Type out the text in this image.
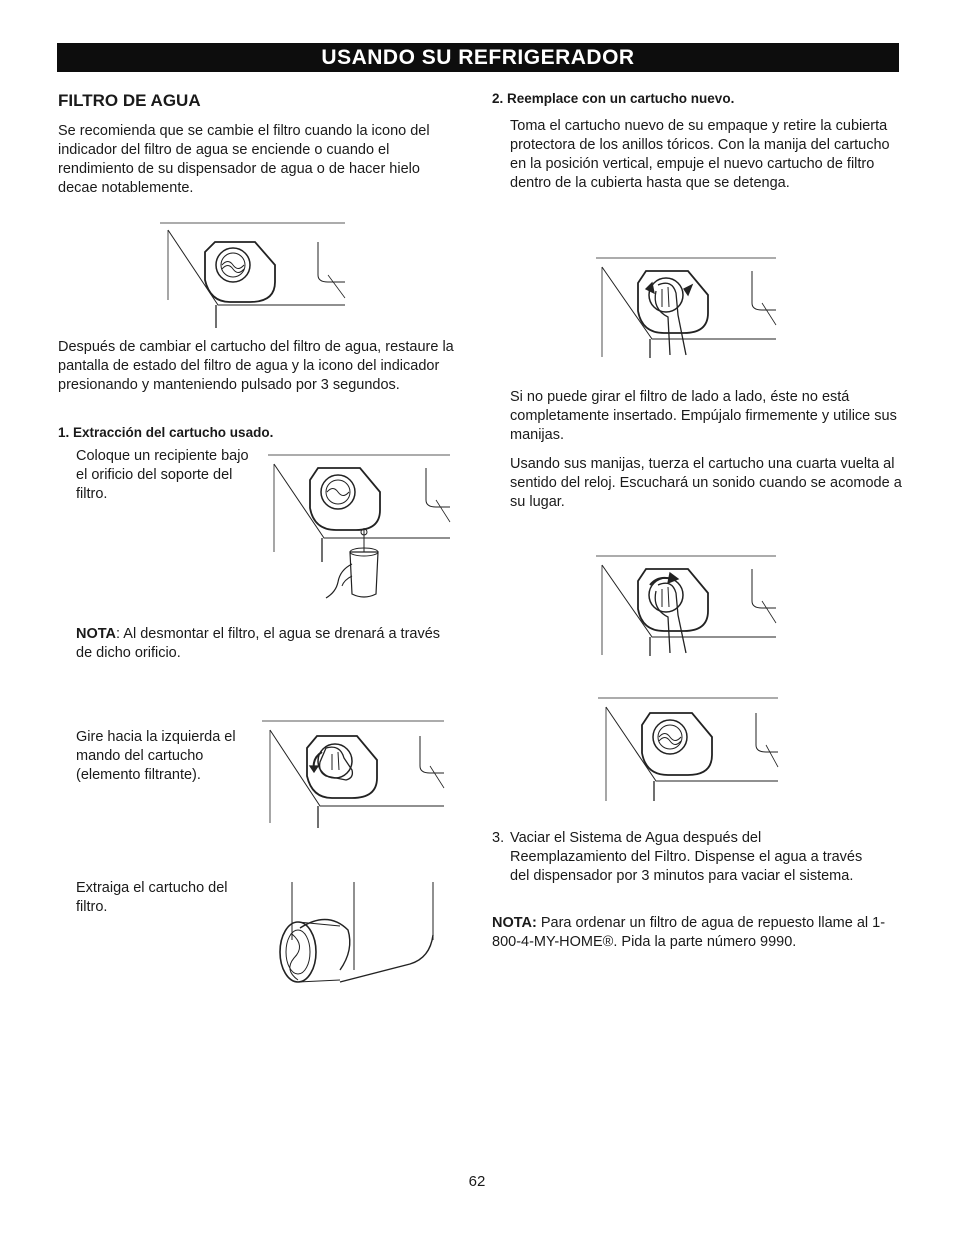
USANDO SU REFRIGERADOR
FILTRO DE AGUA
Se recomienda que se cambie el filtro cuando la icono del indicador del filtro de agua se enciende o cuando el rendimiento de su dispensador de agua o de hacer hielo decae notablemente.
Después de cambiar el cartucho del filtro de agua, restaure la pantalla de estado del filtro de agua y la icono del indicador presionando y manteniendo pulsado por 3 segundos.
1. Extracción del cartucho usado.
Coloque un recipiente bajo el orificio del soporte del filtro.
NOTA: Al desmontar el filtro, el agua se drenará a través de dicho orificio.
Gire hacia la izquierda el mando del cartucho (elemento filtrante).
Extraiga el cartucho del filtro.
2. Reemplace con un cartucho nuevo.
Toma el cartucho nuevo de su empaque y retire la cubierta protectora de los anillos tóricos. Con la manija del cartucho en la posición vertical, empuje el nuevo cartucho de filtro dentro de la cubierta hasta que se detenga.
Si no puede girar el filtro de lado a lado, éste no está completamente insertado. Empújalo firmemente y utilice sus manijas.
Usando sus manijas, tuerza el cartucho una cuarta vuelta al sentido del reloj. Escuchará un sonido cuando se acomode a su lugar.
3. Vaciar el Sistema de Agua después del Reemplazamiento del Filtro. Dispense el agua a través del dispensador por 3 minutos para vaciar el sistema.
NOTA: Para ordenar un filtro de agua de repuesto llame al 1-800-4-MY-HOME®. Pida la parte número 9990.
62
